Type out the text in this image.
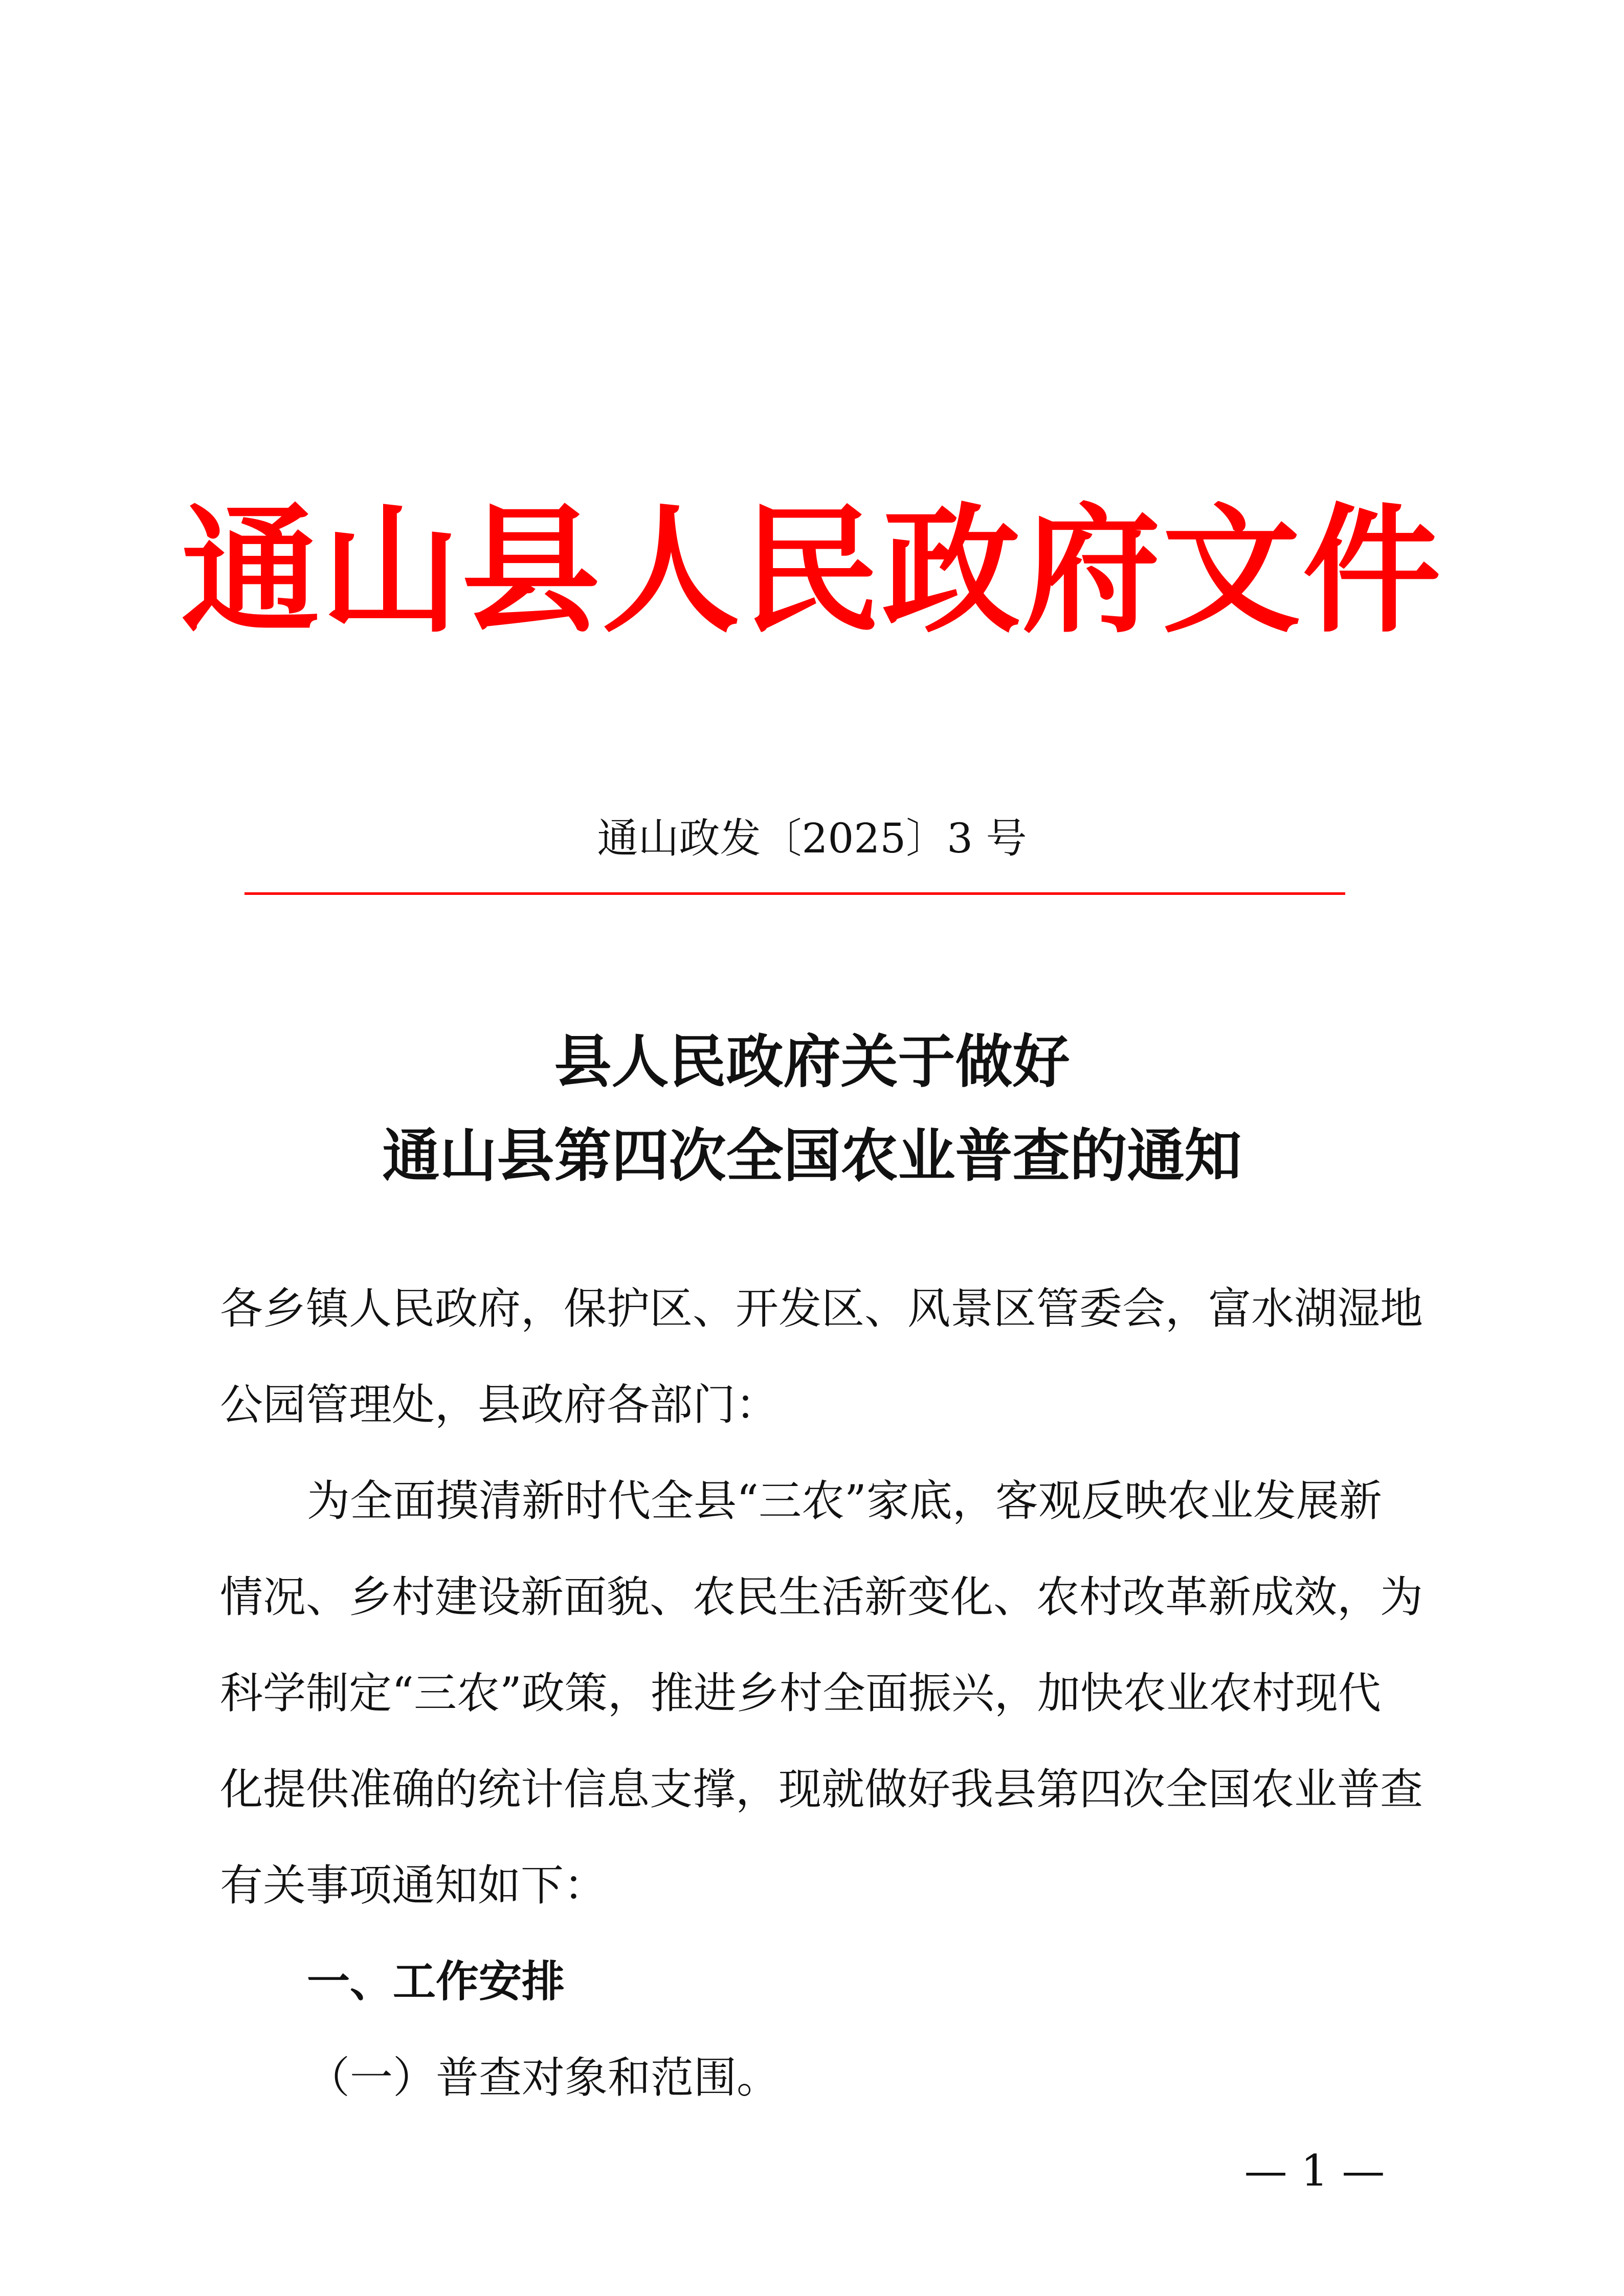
通山县人民政府文件
通山政发〔2025〕3 号
县人民政府关于做好
通山县第四次全国农业普查的通知
各乡镇人民政府，保护区、开发区、风景区管委会，富水湖湿地
公园管理处，县政府各部门：
为全面摸清新时代全县“三农”家底，客观反映农业发展新
情况、乡村建设新面貌、农民生活新变化、农村改革新成效，为
科学制定“三农”政策，推进乡村全面振兴，加快农业农村现代
化提供准确的统计信息支撑，现就做好我县第四次全国农业普查
有关事项通知如下：
一、工作安排
（一）普查对象和范围。
— 1 —
